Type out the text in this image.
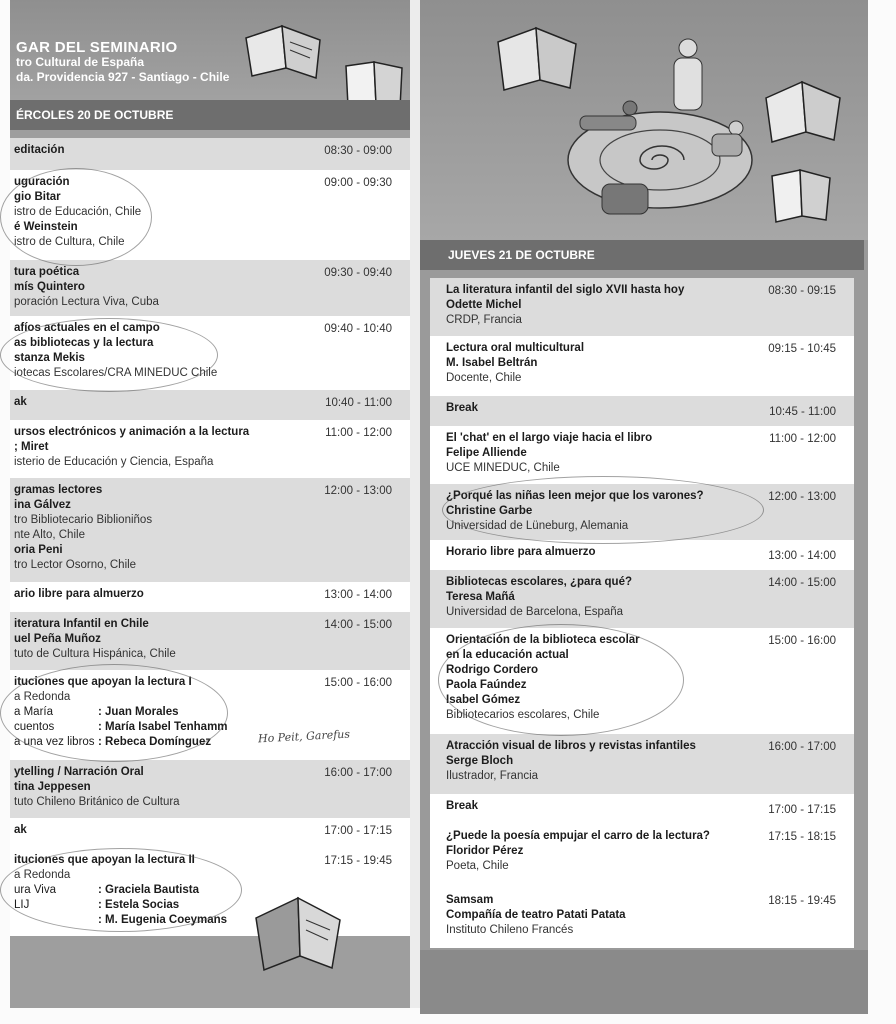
GAR DEL SEMINARIO
tro Cultural de España
da. Providencia 927 - Santiago - Chile
ÉRCOLES 20 DE OCTUBRE
editación	08:30 - 09:00
uguración
gio Bitar
istro de Educación, Chile
é Weinstein
istro de Cultura, Chile
09:00 - 09:30
tura poética
mís Quintero
poración Lectura Viva, Cuba
09:30 - 09:40
afíos actuales en el campo
as bibliotecas y la lectura
stanza Mekis
iotecas Escolares/CRA MINEDUC Chile
09:40 - 10:40
ak	10:40 - 11:00
ursos electrónicos y animación a la lectura
; Miret
isterio de Educación y Ciencia, España
11:00 - 12:00
gramas lectores
ina Gálvez
tro Bibliotecario Biblioniños
nte Alto, Chile
oria Peni
tro Lector Osorno, Chile
12:00 - 13:00
ario libre para almuerzo	13:00 - 14:00
iteratura Infantil en Chile
uel Peña Muñoz
tuto de Cultura Hispánica, Chile
14:00 - 15:00
ituciones que apoyan la lectura I
a Redonda
a María	: Juan Morales
cuentos	: María Isabel Tenhamm
a una vez libros : Rebeca Domínguez
15:00 - 16:00
ytelling / Narración Oral
tina Jeppesen
tuto Chileno Británico de Cultura
16:00 - 17:00
ak	17:00 - 17:15
ituciones que apoyan la lectura II
a Redonda
ura Viva	: Graciela Bautista
LIJ	: Estela Socias
: M. Eugenia Coeymans
17:15 - 19:45
Ho Peit, Garefus
JUEVES 21 DE OCTUBRE
La literatura infantil del siglo XVII hasta hoy
Odette Michel
CRDP, Francia
08:30 - 09:15
Lectura oral multicultural
M. Isabel Beltrán
Docente, Chile
09:15 - 10:45
Break	10:45 - 11:00
El 'chat' en el largo viaje hacia el libro
Felipe Alliende
UCE MINEDUC, Chile
11:00 - 12:00
¿Porqué las niñas leen mejor que los varones?
Christine Garbe
Universidad de Lüneburg, Alemania
12:00 - 13:00
Horario libre para almuerzo	13:00 - 14:00
Bibliotecas escolares, ¿para qué?
Teresa Mañá
Universidad de Barcelona, España
14:00 - 15:00
Orientación de la biblioteca escolar
en la educación actual
Rodrigo Cordero
Paola Faúndez
Isabel Gómez
Bibliotecarios escolares, Chile
15:00 - 16:00
Atracción visual de libros y revistas infantiles
Serge Bloch
Ilustrador, Francia
16:00 - 17:00
Break	17:00 - 17:15
¿Puede la poesía empujar el carro de la lectura?
Floridor Pérez
Poeta, Chile
17:15 - 18:15
Samsam
Compañía de teatro Patati Patata
Instituto Chileno Francés
18:15 - 19:45
